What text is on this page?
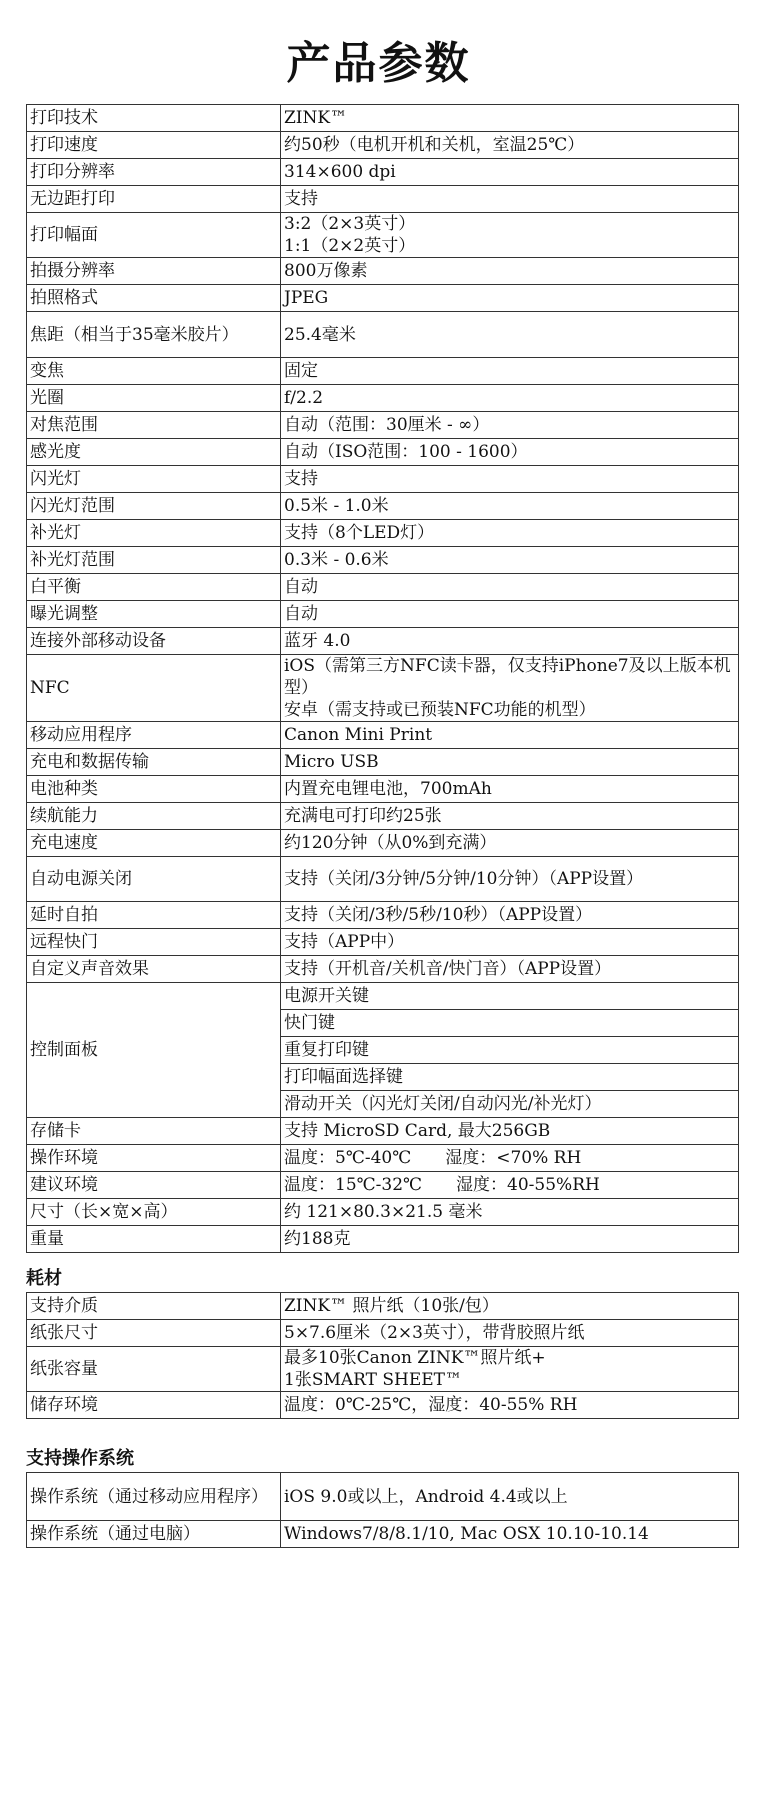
产品参数
打印技术	ZINK™
打印速度	约50秒（电机开机和关机，室温25℃）
打印分辨率	314×600 dpi
无边距打印	支持
打印幅面	3:2（2×3英寸）
1:1（2×2英寸）

拍摄分辨率	800万像素
拍照格式	JPEG
焦距（相当于35毫米胶片）	25.4毫米
变焦	固定
光圈	f/2.2
对焦范围	自动（范围：30厘米 - ∞）
感光度	自动（ISO范围：100 - 1600）
闪光灯	支持
闪光灯范围	0.5米 - 1.0米
补光灯	支持（8个LED灯）
补光灯范围	0.3米 - 0.6米
白平衡	自动
曝光调整	自动
连接外部移动设备	蓝牙 4.0
NFC	iOS（需第三方NFC读卡器，仅支持iPhone7及以上版本机型）
安卓（需支持或已预装NFC功能的机型）

移动应用程序	Canon Mini Print
充电和数据传输	Micro USB
电池种类	内置充电锂电池，700mAh
续航能力	充满电可打印约25张
充电速度	约120分钟（从0%到充满）
自动电源关闭	支持（关闭/3分钟/5分钟/10分钟）（APP设置）
延时自拍	支持（关闭/3秒/5秒/10秒）（APP设置）
远程快门	支持（APP中）
自定义声音效果	支持（开机音/关机音/快门音）（APP设置）
控制面板	电源开关键
	快门键
	重复打印键
	打印幅面选择键
	滑动开关（闪光灯关闭/自动闪光/补光灯）
存储卡	支持 MicroSD Card, 最大256GB
操作环境	温度：5℃-40℃　　湿度：<70% RH
建议环境	温度：15℃-32℃　　湿度：40-55%RH
尺寸（长×宽×高）	约 121×80.3×21.5 毫米
重量	约188克
耗材
支持介质	ZINK™ 照片纸（10张/包）
纸张尺寸	5×7.6厘米（2×3英寸），带背胶照片纸
纸张容量	最多10张Canon ZINK™照片纸+
1张SMART SHEET™

储存环境	温度：0℃-25℃，湿度：40-55% RH
支持操作系统
操作系统（通过移动应用程序）	iOS 9.0或以上，Android 4.4或以上
操作系统（通过电脑）	Windows7/8/8.1/10, Mac OSX 10.10-10.14
